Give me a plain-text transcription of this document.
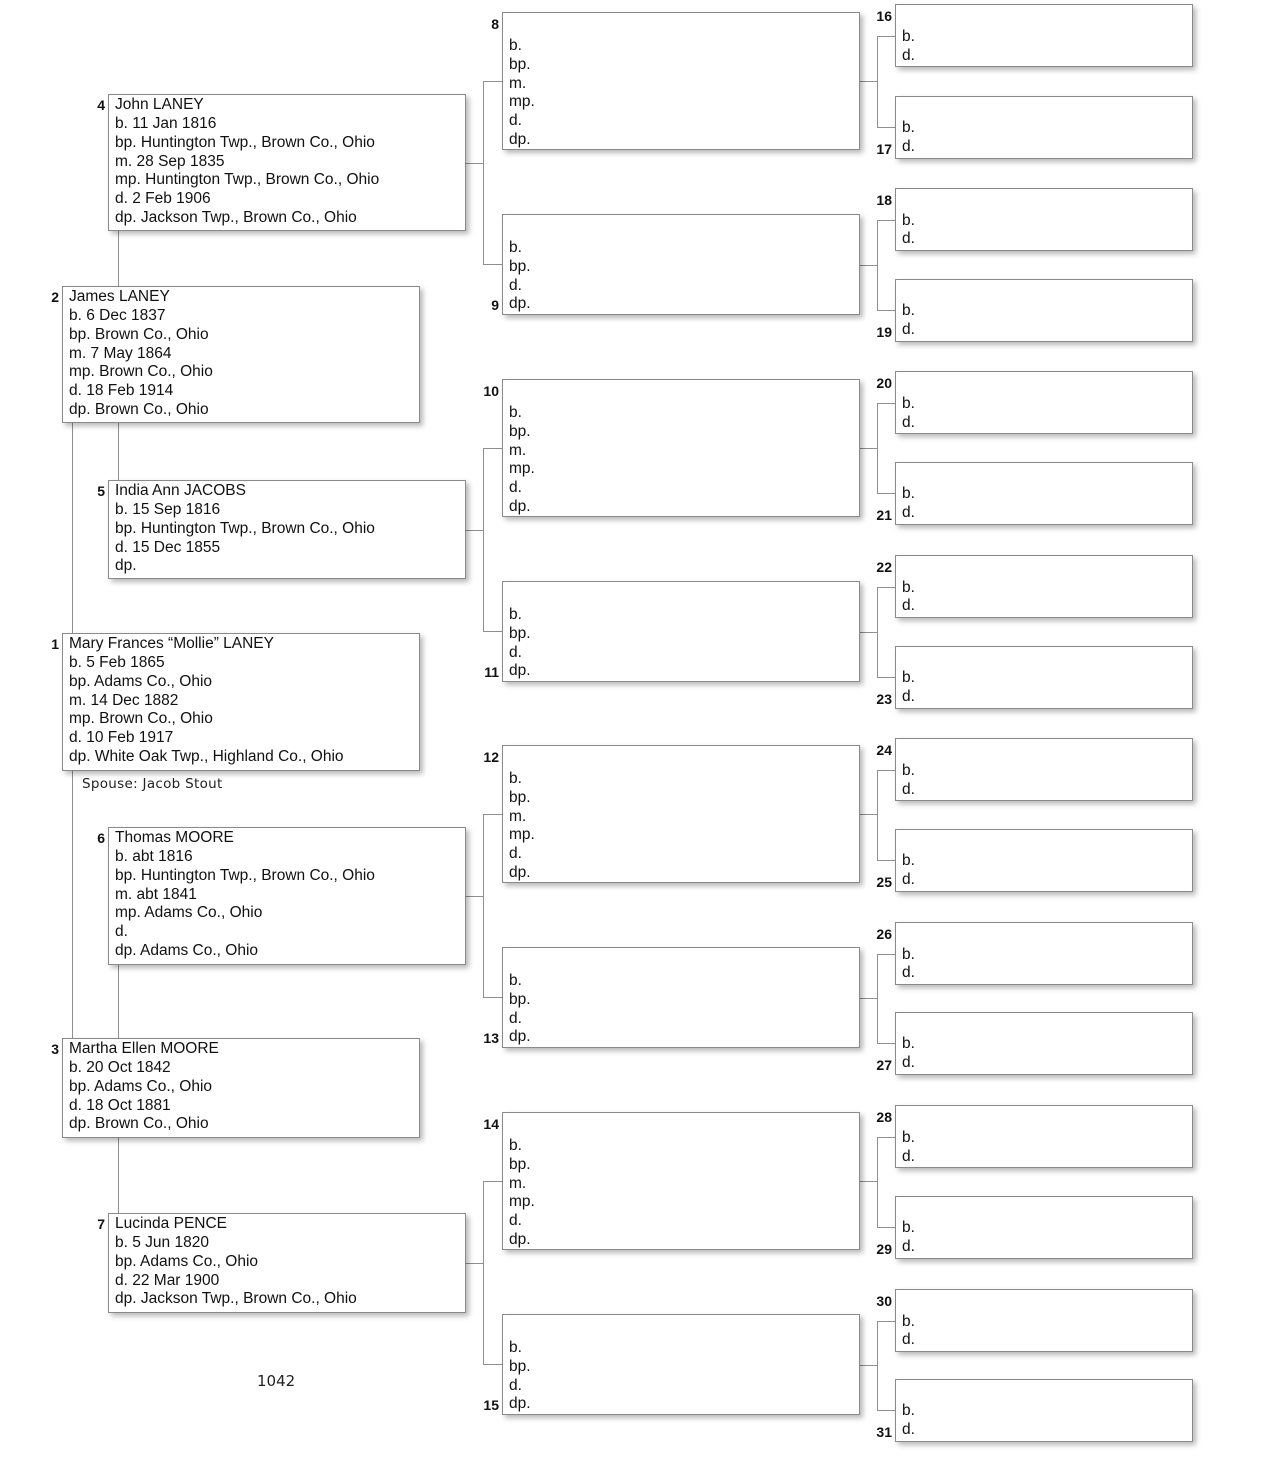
Mary Frances “Mollie” LANEY
b. 5 Feb 1865
bp. Adams Co., Ohio
m. 14 Dec 1882
mp. Brown Co., Ohio
d. 10 Feb 1917
dp. White Oak Twp., Highland Co., Ohio
1
James LANEY
b. 6 Dec 1837
bp. Brown Co., Ohio
m. 7 May 1864
mp. Brown Co., Ohio
d. 18 Feb 1914
dp. Brown Co., Ohio
2
Martha Ellen MOORE
b. 20 Oct 1842
bp. Adams Co., Ohio
d. 18 Oct 1881
dp. Brown Co., Ohio
3
John LANEY
b. 11 Jan 1816
bp. Huntington Twp., Brown Co., Ohio
m. 28 Sep 1835
mp. Huntington Twp., Brown Co., Ohio
d. 2 Feb 1906
dp. Jackson Twp., Brown Co., Ohio
4
India Ann JACOBS
b. 15 Sep 1816
bp. Huntington Twp., Brown Co., Ohio
d. 15 Dec 1855
dp.
5
Thomas MOORE
b. abt 1816
bp. Huntington Twp., Brown Co., Ohio
m. abt 1841
mp. Adams Co., Ohio
d.
dp. Adams Co., Ohio
6
Lucinda PENCE
b. 5 Jun 1820
bp. Adams Co., Ohio
d. 22 Mar 1900
dp. Jackson Twp., Brown Co., Ohio
7

b.
bp.
m.
mp.
d.
dp.
8

b.
bp.
d.
dp.
9

b.
bp.
m.
mp.
d.
dp.
10

b.
bp.
d.
dp.
11

b.
bp.
m.
mp.
d.
dp.
12

b.
bp.
d.
dp.
13

b.
bp.
m.
mp.
d.
dp.
14

b.
bp.
d.
dp.
15
b.
d.
16
b.
d.
17
b.
d.
18
b.
d.
19
b.
d.
20
b.
d.
21
b.
d.
22
b.
d.
23
b.
d.
24
b.
d.
25
b.
d.
26
b.
d.
27
b.
d.
28
b.
d.
29
b.
d.
30
b.
d.
31
Spouse: Jacob Stout
1042
